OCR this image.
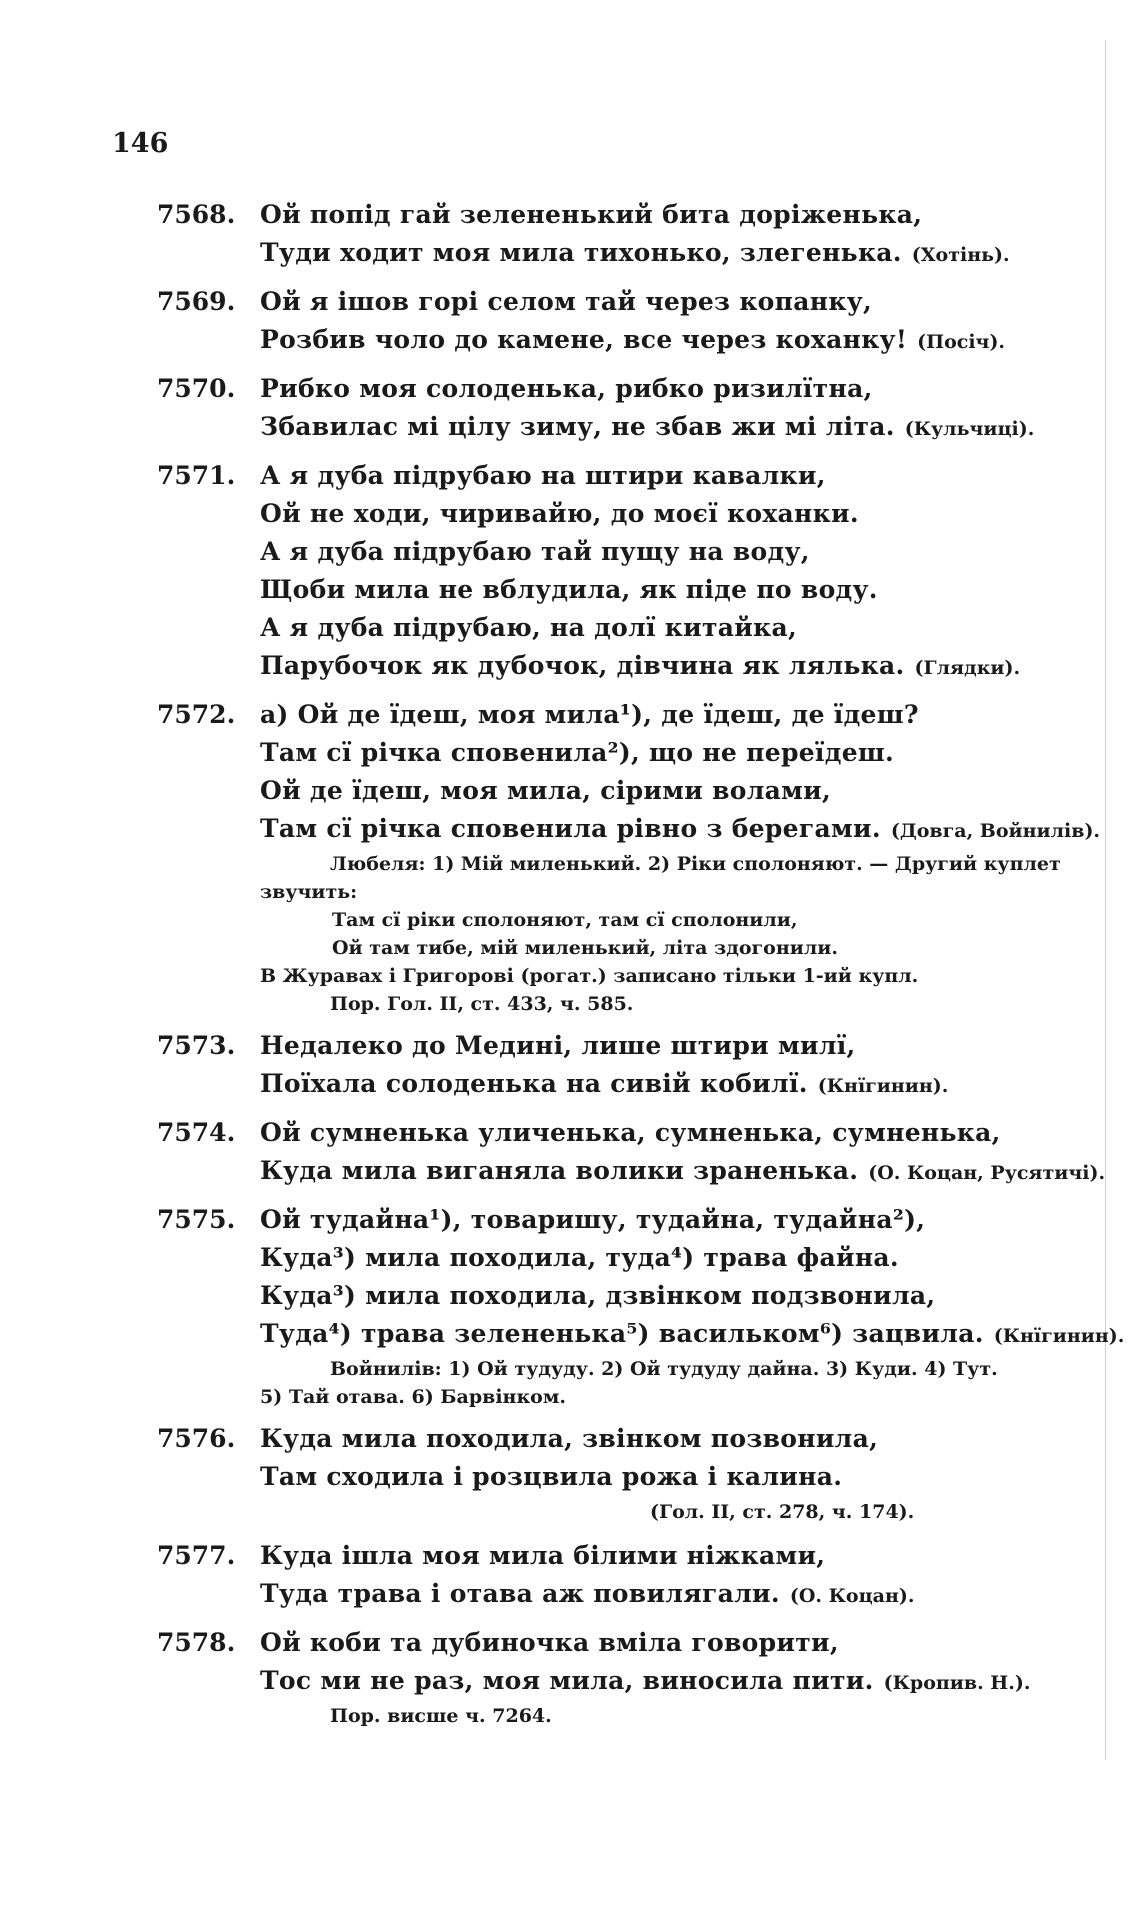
146
7568. Ой попід гай зелененький бита доріженька,
Туди ходит моя мила тихонько, злегенька. (Хотінь).
7569. Ой я ішов горі селом тай через копанку,
Розбив чоло до камене, все через коханку! (Посіч).
7570. Рибко моя солоденька, рибко ризилїтна,
Збавилас мі цілу зиму, не збав жи мі літа. (Кульчиці).
7571. А я дуба підрубаю на штири кавалки,
Ой не ходи, чиривайю, до моєї коханки.
А я дуба підрубаю тай пущу на воду,
Щоби мила не вблудила, як піде по воду.
А я дуба підрубаю, на долї китайка,
Парубочок як дубочок, дівчина як лялька. (Глядки).
7572. а) Ой де їдеш, моя мила¹), де їдеш, де їдеш?
Там сї річка сповенила²), що не переїдеш.
Ой де їдеш, моя мила, сірими волами,
Там сї річка сповенила рівно з берегами. (Довга, Войнилів).
Любеля: 1) Мій миленький. 2) Ріки сполоняют. — Другий куплет
звучить:
Там сї ріки сполоняют, там сї сполонили,
Ой там тибе, мій миленький, літа здогонили.
В Журавах і Григорові (рогат.) записано тільки 1-ий купл.
Пор. Гол. II, ст. 433, ч. 585.
7573. Недалеко до Медині, лише штири милї,
Поїхала солоденька на сивій кобилї. (Кнїгинин).
7574. Ой сумненька уличенька, сумненька, сумненька,
Куда мила виганяла волики зраненька. (О. Коцан, Русятичі).
7575. Ой тудайна¹), товаришу, тудайна, тудайна²),
Куда³) мила походила, туда⁴) трава файна.
Куда³) мила походила, дзвінком подзвонила,
Туда⁴) трава зелененька⁵) васильком⁶) зацвила. (Кнїгинин).
Войнилів: 1) Ой тудуду. 2) Ой тудуду дайна. 3) Куди. 4) Тут.
5) Тай отава. 6) Барвінком.
7576. Куда мила походила, звінком позвонила,
Там сходила і розцвила рожа і калина.
(Гол. II, ст. 278, ч. 174).
7577. Куда ішла моя мила білими ніжками,
Туда трава і отава аж повилягали. (О. Коцан).
7578. Ой коби та дубиночка вміла говорити,
Тос ми не раз, моя мила, виносила пити. (Кропив. Н.).
Пор. висше ч. 7264.
